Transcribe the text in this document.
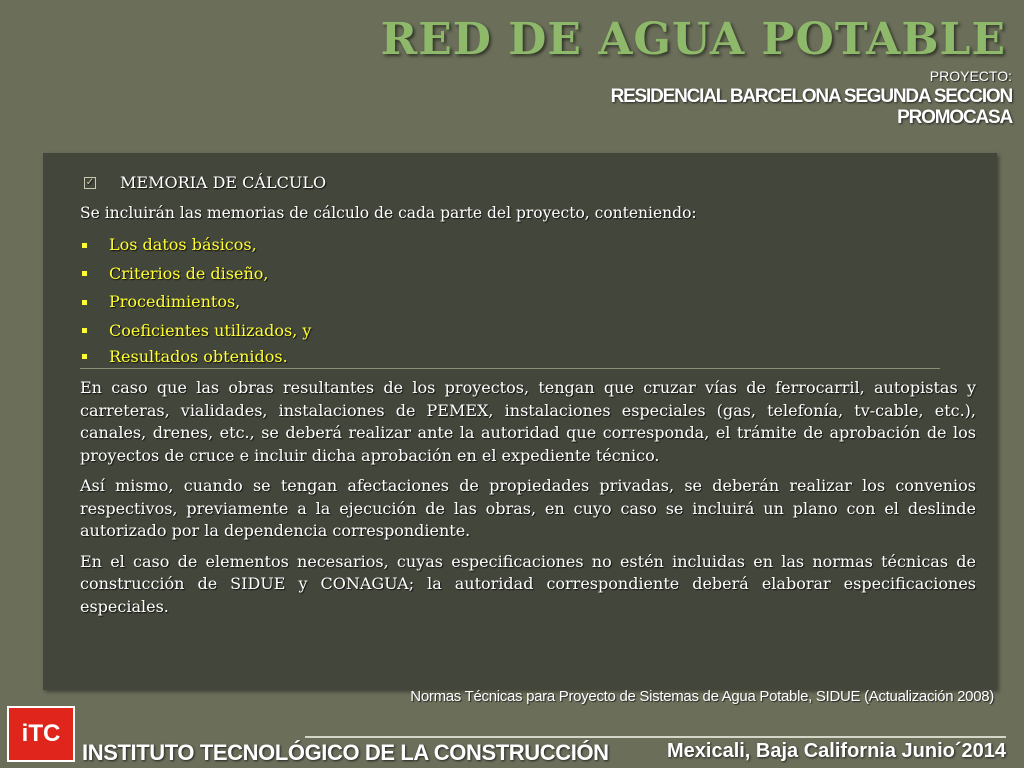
RED DE AGUA POTABLE
PROYECTO:
RESIDENCIAL BARCELONA SEGUNDA SECCION
PROMOCASA
✓ MEMORIA DE CÁLCULO
Se incluirán las memorias de cálculo de cada parte del proyecto, conteniendo:
Los datos básicos,
Criterios de diseño,
Procedimientos,
Coeficientes utilizados, y
Resultados obtenidos.

En caso que las obras resultantes de los proyectos, tengan que cruzar vías de ferrocarril, autopistas y carreteras, vialidades, instalaciones de PEMEX, instalaciones especiales (gas, telefonía, tv-cable, etc.), canales, drenes, etc., se deberá realizar ante la autoridad que corresponda, el trámite de aprobación de los proyectos de cruce e incluir dicha aprobación en el expediente técnico.

Así mismo, cuando se tengan afectaciones de propiedades privadas, se deberán realizar los convenios respectivos, previamente a la ejecución de las obras, en cuyo caso se incluirá un plano con el deslinde autorizado por la dependencia correspondiente.

En el caso de elementos necesarios, cuyas especificaciones no estén incluidas en las normas técnicas de construcción de SIDUE y CONAGUA; la autoridad correspondiente deberá elaborar especificaciones especiales.

Normas Técnicas para Proyecto de Sistemas de Agua Potable, SIDUE (Actualización 2008)
iTC
INSTITUTO TECNOLÓGICO DE LA CONSTRUCCIÓN	Mexicali, Baja California Junio´2014
